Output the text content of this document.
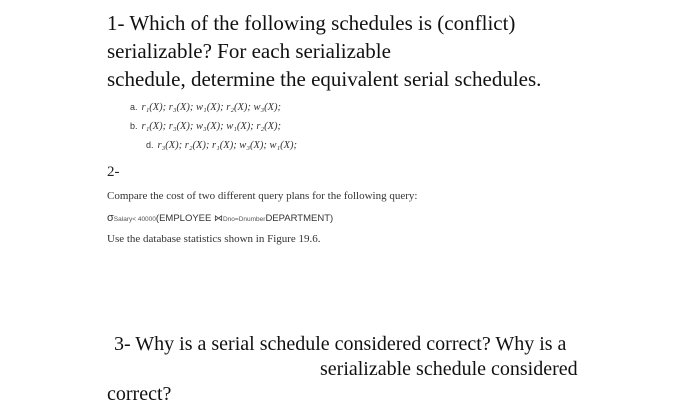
1- Which of the following schedules is (conflict)
serializable? For each serializable
schedule, determine the equivalent serial schedules.
a. r₁(X); r₃(X); w₁(X); r₂(X); w₃(X);
b. r₁(X); r₃(X); w₃(X); w₁(X); r₂(X);
d. r₃(X); r₂(X); r₁(X); w₃(X); w₁(X);
2-
Compare the cost of two different query plans for the following query:
σSalary< 40000(EMPLOYEE ⋈Dno=DnumberDEPARTMENT)
Use the database statistics shown in Figure 19.6.
3- Why is a serial schedule considered correct? Why is a
serializable schedule considered
correct?
